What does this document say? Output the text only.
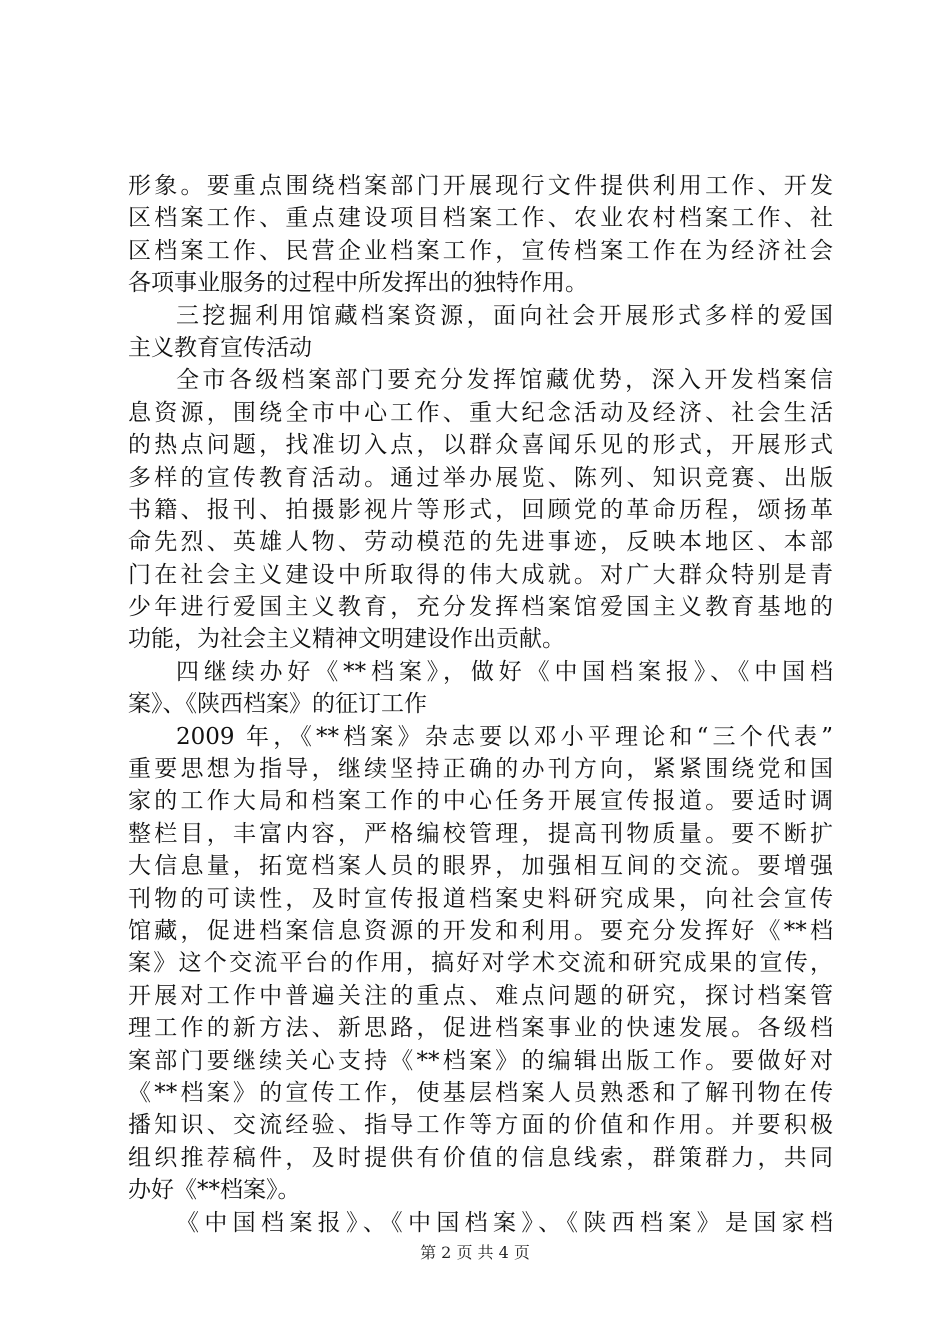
形象。要重点围绕档案部门开展现行文件提供利用工作、开发
区档案工作、重点建设项目档案工作、农业农村档案工作、社
区档案工作、民营企业档案工作，宣传档案工作在为经济社会
各项事业服务的过程中所发挥出的独特作用。
三挖掘利用馆藏档案资源，面向社会开展形式多样的爱国
主义教育宣传活动
全市各级档案部门要充分发挥馆藏优势，深入开发档案信
息资源，围绕全市中心工作、重大纪念活动及经济、社会生活
的热点问题，找准切入点，以群众喜闻乐见的形式，开展形式
多样的宣传教育活动。通过举办展览、陈列、知识竞赛、出版
书籍、报刊、拍摄影视片等形式，回顾党的革命历程，颂扬革
命先烈、英雄人物、劳动模范的先进事迹，反映本地区、本部
门在社会主义建设中所取得的伟大成就。对广大群众特别是青
少年进行爱国主义教育，充分发挥档案馆爱国主义教育基地的
功能，为社会主义精神文明建设作出贡献。
四继续办好《**档案》，做好《中国档案报》、《中国档
案》、《陕西档案》的征订工作
2009 年，《**档案》杂志要以邓小平理论和“三个代表”
重要思想为指导，继续坚持正确的办刊方向，紧紧围绕党和国
家的工作大局和档案工作的中心任务开展宣传报道。要适时调
整栏目，丰富内容，严格编校管理，提高刊物质量。要不断扩
大信息量，拓宽档案人员的眼界，加强相互间的交流。要增强
刊物的可读性，及时宣传报道档案史料研究成果，向社会宣传
馆藏，促进档案信息资源的开发和利用。要充分发挥好《**档
案》这个交流平台的作用，搞好对学术交流和研究成果的宣传，
开展对工作中普遍关注的重点、难点问题的研究，探讨档案管
理工作的新方法、新思路，促进档案事业的快速发展。各级档
案部门要继续关心支持《**档案》的编辑出版工作。要做好对
《**档案》的宣传工作，使基层档案人员熟悉和了解刊物在传
播知识、交流经验、指导工作等方面的价值和作用。并要积极
组织推荐稿件，及时提供有价值的信息线索，群策群力，共同
办好《**档案》。
《中国档案报》、《中国档案》、《陕西档案》是国家档
第 2 页 共 4 页
